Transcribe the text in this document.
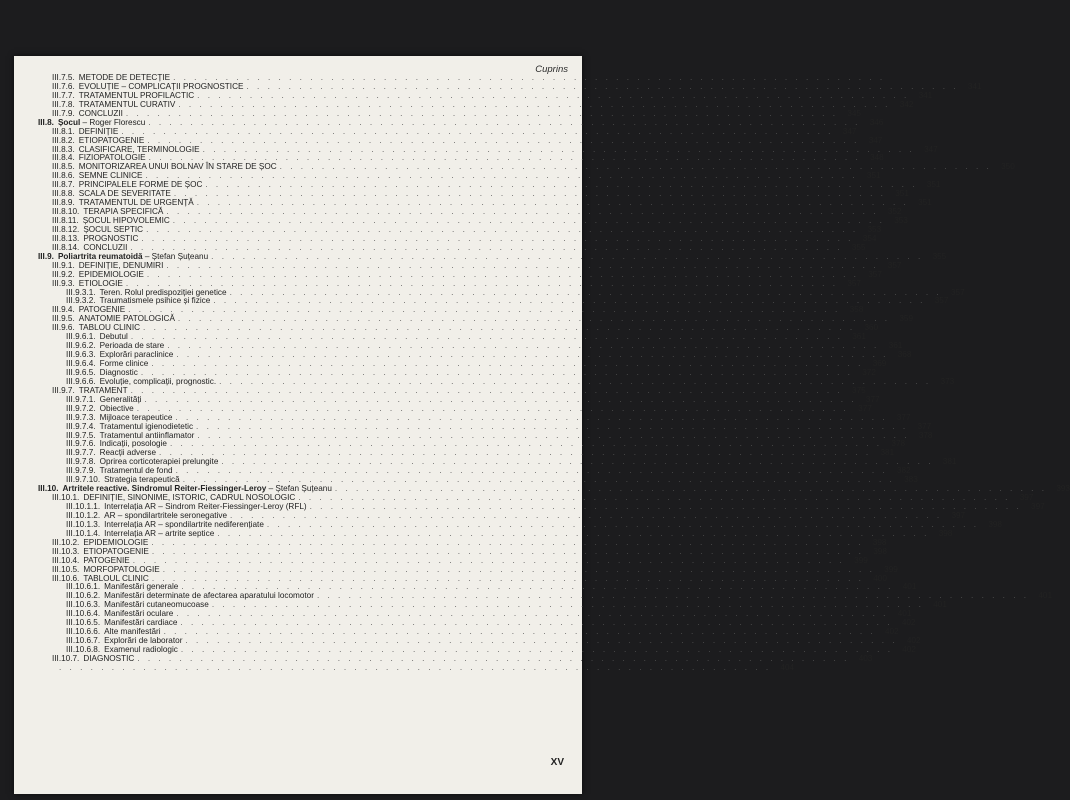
Cuprins
III.7.5. METODE DE DETECȚIE . . . . . . . . . . . . . . . . . . . . . . . . . . . . . . . . . . . . . . . . . . . . . . . . . . . . . . . . . . . . . . . . . . . .
III.7.6. EVOLUȚIE – COMPLICAȚII PROGNOSTICE . . . . . . . . . . . . . . . . . . . . . . . . . . . . . . . . . . . . . . . . . . . . . . . . . . . . . . . . . . . . . . . . . . . .	341
III.7.7. TRATAMENTUL PROFILACTIC . . . . . . . . . . . . . . . . . . . . . . . . . . . . . . . . . . . . . . . . . . . . . . . . . . . . . . . . . . . . . . . . . . . .	341
III.7.8. TRATAMENTUL CURATIV . . . . . . . . . . . . . . . . . . . . . . . . . . . . . . . . . . . . . . . . . . . . . . . . . . . . . . . . . . . . . . . . . . . .	342
III.7.9. CONCLUZII . . . . . . . . . . . . . . . . . . . . . . . . . . . . . . . . . . . . . . . . . . . . . . . . . . . . . . . . . . . . . . . . . . . .	345
III.8. Șocul – Roger Florescu . . . . . . . . . . . . . . . . . . . . . . . . . . . . . . . . . . . . . . . . . . . . . . . . . . . . . . . . . . . . . . . . . . . .	346
III.8.1. DEFINIȚIE . . . . . . . . . . . . . . . . . . . . . . . . . . . . . . . . . . . . . . . . . . . . . . . . . . . . . . . . . . . . . . . . . . . .	347
III.8.2. ETIOPATOGENIE . . . . . . . . . . . . . . . . . . . . . . . . . . . . . . . . . . . . . . . . . . . . . . . . . . . . . . . . . . . . . . . . . . . .	347
III.8.3. CLASIFICARE, TERMINOLOGIE . . . . . . . . . . . . . . . . . . . . . . . . . . . . . . . . . . . . . . . . . . . . . . . . . . . . . . . . . . . . . . . . . . . .	347
III.8.4. FIZIOPATOLOGIE . . . . . . . . . . . . . . . . . . . . . . . . . . . . . . . . . . . . . . . . . . . . . . . . . . . . . . . . . . . . . . . . . . . .	348
III.8.5. MONITORIZAREA UNUI BOLNAV ÎN STARE DE ȘOC . . . . . . . . . . . . . . . . . . . . . . . . . . . . . . . . . . . . . . . . . . . . . . . . . . . . . . . . . . . . . . . . . . . .	350
III.8.6. SEMNE CLINICE . . . . . . . . . . . . . . . . . . . . . . . . . . . . . . . . . . . . . . . . . . . . . . . . . . . . . . . . . . . . . . . . . . . .	351
III.8.7. PRINCIPALELE FORME DE ȘOC . . . . . . . . . . . . . . . . . . . . . . . . . . . . . . . . . . . . . . . . . . . . . . . . . . . . . . . . . . . . . . . . . . . .	351
III.8.8. SCALA DE SEVERITATE . . . . . . . . . . . . . . . . . . . . . . . . . . . . . . . . . . . . . . . . . . . . . . . . . . . . . . . . . . . . . . . . . . . .	351
III.8.9. TRATAMENTUL DE URGENȚĂ . . . . . . . . . . . . . . . . . . . . . . . . . . . . . . . . . . . . . . . . . . . . . . . . . . . . . . . . . . . . . . . . . . . .	351
III.8.10. TERAPIA SPECIFICĂ . . . . . . . . . . . . . . . . . . . . . . . . . . . . . . . . . . . . . . . . . . . . . . . . . . . . . . . . . . . . . . . . . . . .	352
III.8.11. ȘOCUL HIPOVOLEMIC . . . . . . . . . . . . . . . . . . . . . . . . . . . . . . . . . . . . . . . . . . . . . . . . . . . . . . . . . . . . . . . . . . . .	353
III.8.12. ȘOCUL SEPTIC . . . . . . . . . . . . . . . . . . . . . . . . . . . . . . . . . . . . . . . . . . . . . . . . . . . . . . . . . . . . . . . . . . . .	353
III.8.13. PROGNOSTIC . . . . . . . . . . . . . . . . . . . . . . . . . . . . . . . . . . . . . . . . . . . . . . . . . . . . . . . . . . . . . . . . . . . .	354
III.8.14. CONCLUZII . . . . . . . . . . . . . . . . . . . . . . . . . . . . . . . . . . . . . . . . . . . . . . . . . . . . . . . . . . . . . . . . . . . .	355
III.9. Poliartrita reumatoidă – Ștefan Șuțeanu . . . . . . . . . . . . . . . . . . . . . . . . . . . . . . . . . . . . . . . . . . . . . . . . . . . . . . . . . . . . . . . . . . . .	355
III.9.1. DEFINIȚIE, DENUMIRI . . . . . . . . . . . . . . . . . . . . . . . . . . . . . . . . . . . . . . . . . . . . . . . . . . . . . . . . . . . . . . . . . . . .	357
III.9.2. EPIDEMIOLOGIE . . . . . . . . . . . . . . . . . . . . . . . . . . . . . . . . . . . . . . . . . . . . . . . . . . . . . . . . . . . . . . . . . . . .	357
III.9.3. ETIOLOGIE . . . . . . . . . . . . . . . . . . . . . . . . . . . . . . . . . . . . . . . . . . . . . . . . . . . . . . . . . . . . . . . . . . . .	357
III.9.3.1. Teren. Rolul predispoziției genetice . . . . . . . . . . . . . . . . . . . . . . . . . . . . . . . . . . . . . . . . . . . . . . . . . . . . . . . . . . . . . . . . . . . .	357
III.9.3.2. Traumatismele psihice și fizice . . . . . . . . . . . . . . . . . . . . . . . . . . . . . . . . . . . . . . . . . . . . . . . . . . . . . . . . . . . . . . . . . . . .	357
III.9.4. PATOGENIE . . . . . . . . . . . . . . . . . . . . . . . . . . . . . . . . . . . . . . . . . . . . . . . . . . . . . . . . . . . . . . . . . . . .	358
III.9.5. ANATOMIE PATOLOGICĂ . . . . . . . . . . . . . . . . . . . . . . . . . . . . . . . . . . . . . . . . . . . . . . . . . . . . . . . . . . . . . . . . . . . .	359
III.9.6. TABLOU CLINIC . . . . . . . . . . . . . . . . . . . . . . . . . . . . . . . . . . . . . . . . . . . . . . . . . . . . . . . . . . . . . . . . . . . .	360
III.9.6.1. Debutul . . . . . . . . . . . . . . . . . . . . . . . . . . . . . . . . . . . . . . . . . . . . . . . . . . . . . . . . . . . . . . . . . . . .	361
III.9.6.2. Perioada de stare . . . . . . . . . . . . . . . . . . . . . . . . . . . . . . . . . . . . . . . . . . . . . . . . . . . . . . . . . . . . . . . . . . . .	361
III.9.6.3. Explorări paraclinice . . . . . . . . . . . . . . . . . . . . . . . . . . . . . . . . . . . . . . . . . . . . . . . . . . . . . . . . . . . . . . . . . . . .	368
III.9.6.4. Forme clinice . . . . . . . . . . . . . . . . . . . . . . . . . . . . . . . . . . . . . . . . . . . . . . . . . . . . . . . . . . . . . . . . . . . .	369
III.9.6.5. Diagnostic . . . . . . . . . . . . . . . . . . . . . . . . . . . . . . . . . . . . . . . . . . . . . . . . . . . . . . . . . . . . . . . . . . . .	372
III.9.6.6. Evoluție, complicații, prognostic. . . . . . . . . . . . . . . . . . . . . . . . . . . . . . . . . . . . . . . . . . . . . . . . . . . . . . . . . . . . . . . . . . . . .	373
III.9.7. TRATAMENT . . . . . . . . . . . . . . . . . . . . . . . . . . . . . . . . . . . . . . . . . . . . . . . . . . . . . . . . . . . . . . . . . . . .	375
III.9.7.1. Generalități . . . . . . . . . . . . . . . . . . . . . . . . . . . . . . . . . . . . . . . . . . . . . . . . . . . . . . . . . . . . . . . . . . . .	377
III.9.7.2. Obiective . . . . . . . . . . . . . . . . . . . . . . . . . . . . . . . . . . . . . . . . . . . . . . . . . . . . . . . . . . . . . . . . . . . .	377
III.9.7.3. Mijloace terapeutice . . . . . . . . . . . . . . . . . . . . . . . . . . . . . . . . . . . . . . . . . . . . . . . . . . . . . . . . . . . . . . . . . . . .	377
III.9.7.4. Tratamentul igienodietetic . . . . . . . . . . . . . . . . . . . . . . . . . . . . . . . . . . . . . . . . . . . . . . . . . . . . . . . . . . . . . . . . . . . .	377
III.9.7.5. Tratamentul antiinflamator . . . . . . . . . . . . . . . . . . . . . . . . . . . . . . . . . . . . . . . . . . . . . . . . . . . . . . . . . . . . . . . . . . . .	378
III.9.7.6. Indicații, posologie . . . . . . . . . . . . . . . . . . . . . . . . . . . . . . . . . . . . . . . . . . . . . . . . . . . . . . . . . . . . . . . . . . . .	378
III.9.7.7. Reacții adverse . . . . . . . . . . . . . . . . . . . . . . . . . . . . . . . . . . . . . . . . . . . . . . . . . . . . . . . . . . . . . . . . . . . .	381
III.9.7.8. Oprirea corticoterapiei prelungite . . . . . . . . . . . . . . . . . . . . . . . . . . . . . . . . . . . . . . . . . . . . . . . . . . . . . . . . . . . . . . . . . . . .	381
III.9.7.9. Tratamentul de fond . . . . . . . . . . . . . . . . . . . . . . . . . . . . . . . . . . . . . . . . . . . . . . . . . . . . . . . . . . . . . . . . . . . .	382
III.9.7.10. Strategia terapeutică . . . . . . . . . . . . . . . . . . . . . . . . . . . . . . . . . . . . . . . . . . . . . . . . . . . . . . . . . . . . . . . . . . . .	383
III.10. Artritele reactive. Sindromul Reiter-Fiessinger-Leroy – Ștefan Șuțeanu . . . . . . . . . . . . . . . . . . . . . . . . . . . . . . . . . . . . . . . . . . . . . . . . . . . . . . . . . . . . . . . . . . . .	393
III.10.1. DEFINIȚIE, SINONIME, ISTORIC, CADRUL NOSOLOGIC . . . . . . . . . . . . . . . . . . . . . . . . . . . . . . . . . . . . . . . . . . . . . . . . . . . . . . . . . . . . . . . . . . . .	397
III.10.1.1. Interrelația AR – Sindrom Reiter-Fiessinger-Leroy (RFL) . . . . . . . . . . . . . . . . . . . . . . . . . . . . . . . . . . . . . . . . . . . . . . . . . . . . . . . . . . . . . . . . . . . .	397
III.10.1.2. AR – spondilartritele seronegative . . . . . . . . . . . . . . . . . . . . . . . . . . . . . . . . . . . . . . . . . . . . . . . . . . . . . . . . . . . . . . . . . . . .	397
III.10.1.3. Interrelația AR – spondilartrite nediferențiate . . . . . . . . . . . . . . . . . . . . . . . . . . . . . . . . . . . . . . . . . . . . . . . . . . . . . . . . . . . . . . . . . . . .	398
III.10.1.4. Interrelația AR – artrite septice . . . . . . . . . . . . . . . . . . . . . . . . . . . . . . . . . . . . . . . . . . . . . . . . . . . . . . . . . . . . . . . . . . . .	398
III.10.2. EPIDEMIOLOGIE . . . . . . . . . . . . . . . . . . . . . . . . . . . . . . . . . . . . . . . . . . . . . . . . . . . . . . . . . . . . . . . . . . . .	398
III.10.3. ETIOPATOGENIE . . . . . . . . . . . . . . . . . . . . . . . . . . . . . . . . . . . . . . . . . . . . . . . . . . . . . . . . . . . . . . . . . . . .	398
III.10.4. PATOGENIE . . . . . . . . . . . . . . . . . . . . . . . . . . . . . . . . . . . . . . . . . . . . . . . . . . . . . . . . . . . . . . . . . . . .	399
III.10.5. MORFOPATOLOGIE . . . . . . . . . . . . . . . . . . . . . . . . . . . . . . . . . . . . . . . . . . . . . . . . . . . . . . . . . . . . . . . . . . . .	399
III.10.6. TABLOUL CLINIC . . . . . . . . . . . . . . . . . . . . . . . . . . . . . . . . . . . . . . . . . . . . . . . . . . . . . . . . . . . . . . . . . . . .	400
III.10.6.1. Manifestări generale . . . . . . . . . . . . . . . . . . . . . . . . . . . . . . . . . . . . . . . . . . . . . . . . . . . . . . . . . . . . . . . . . . . .	401
III.10.6.2. Manifestări determinate de afectarea aparatului locomotor . . . . . . . . . . . . . . . . . . . . . . . . . . . . . . . . . . . . . . . . . . . . . . . . . . . . . . . . . . . . . . . . . . . .	401
III.10.6.3. Manifestări cutaneomucoase . . . . . . . . . . . . . . . . . . . . . . . . . . . . . . . . . . . . . . . . . . . . . . . . . . . . . . . . . . . . . . . . . . . .	401
III.10.6.4. Manifestări oculare . . . . . . . . . . . . . . . . . . . . . . . . . . . . . . . . . . . . . . . . . . . . . . . . . . . . . . . . . . . . . . . . . . . .	401
III.10.6.5. Manifestări cardiace . . . . . . . . . . . . . . . . . . . . . . . . . . . . . . . . . . . . . . . . . . . . . . . . . . . . . . . . . . . . . . . . . . . .	402
III.10.6.6. Alte manifestări . . . . . . . . . . . . . . . . . . . . . . . . . . . . . . . . . . . . . . . . . . . . . . . . . . . . . . . . . . . . . . . . . . . .	402
III.10.6.7. Explorări de laborator . . . . . . . . . . . . . . . . . . . . . . . . . . . . . . . . . . . . . . . . . . . . . . . . . . . . . . . . . . . . . . . . . . . .	402
III.10.6.8. Examenul radiologic . . . . . . . . . . . . . . . . . . . . . . . . . . . . . . . . . . . . . . . . . . . . . . . . . . . . . . . . . . . . . . . . . . . .	402
III.10.7. DIAGNOSTIC . . . . . . . . . . . . . . . . . . . . . . . . . . . . . . . . . . . . . . . . . . . . . . . . . . . . . . . . . . . . . . . . . . . .	403
. . . . . . . . . . . . . . . . . . . . . . . . . . . . . . . . . . . . . . . . . . . . . . . . . . . . . . . . . . . . . . . . . . . .	404
XV
